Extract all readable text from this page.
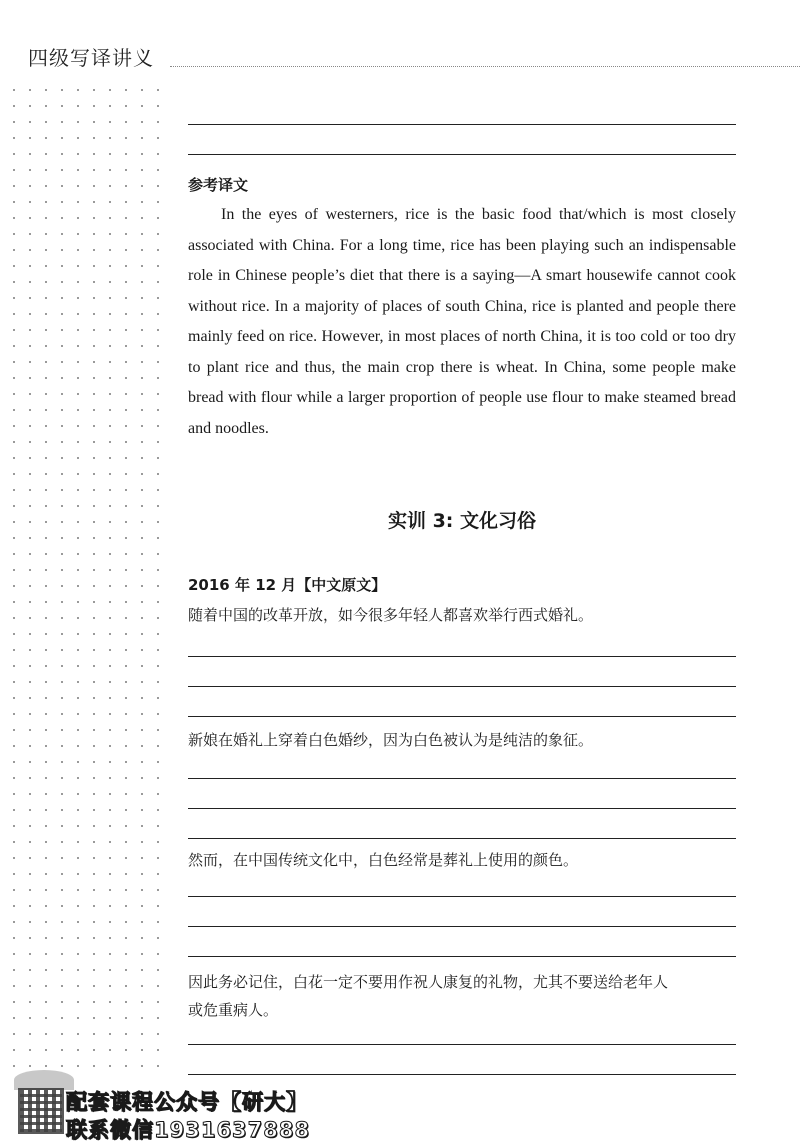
四级写译讲义
参考译文

In the eyes of westerners, rice is the basic food that/which is most closely associated with China. For a long time, rice has been playing such an indispensable role in Chinese people’s diet that there is a saying—A smart housewife cannot cook without rice. In a majority of places of south China, rice is planted and people there mainly feed on rice. However, in most places of north China, it is too cold or too dry to plant rice and thus, the main crop there is wheat. In China, some people make bread with flour while a larger proportion of people use flour to make steamed bread and noodles.

实训 3: 文化习俗
2016 年 12 月【中文原文】
随着中国的改革开放，如今很多年轻人都喜欢举行西式婚礼。
新娘在婚礼上穿着白色婚纱，因为白色被认为是纯洁的象征。
然而，在中国传统文化中，白色经常是葬礼上使用的颜色。
因此务必记住，白花一定不要用作祝人康复的礼物，尤其不要送给老年人
或危重病人。
配套课程公众号【研大】
联系微信1931637888
